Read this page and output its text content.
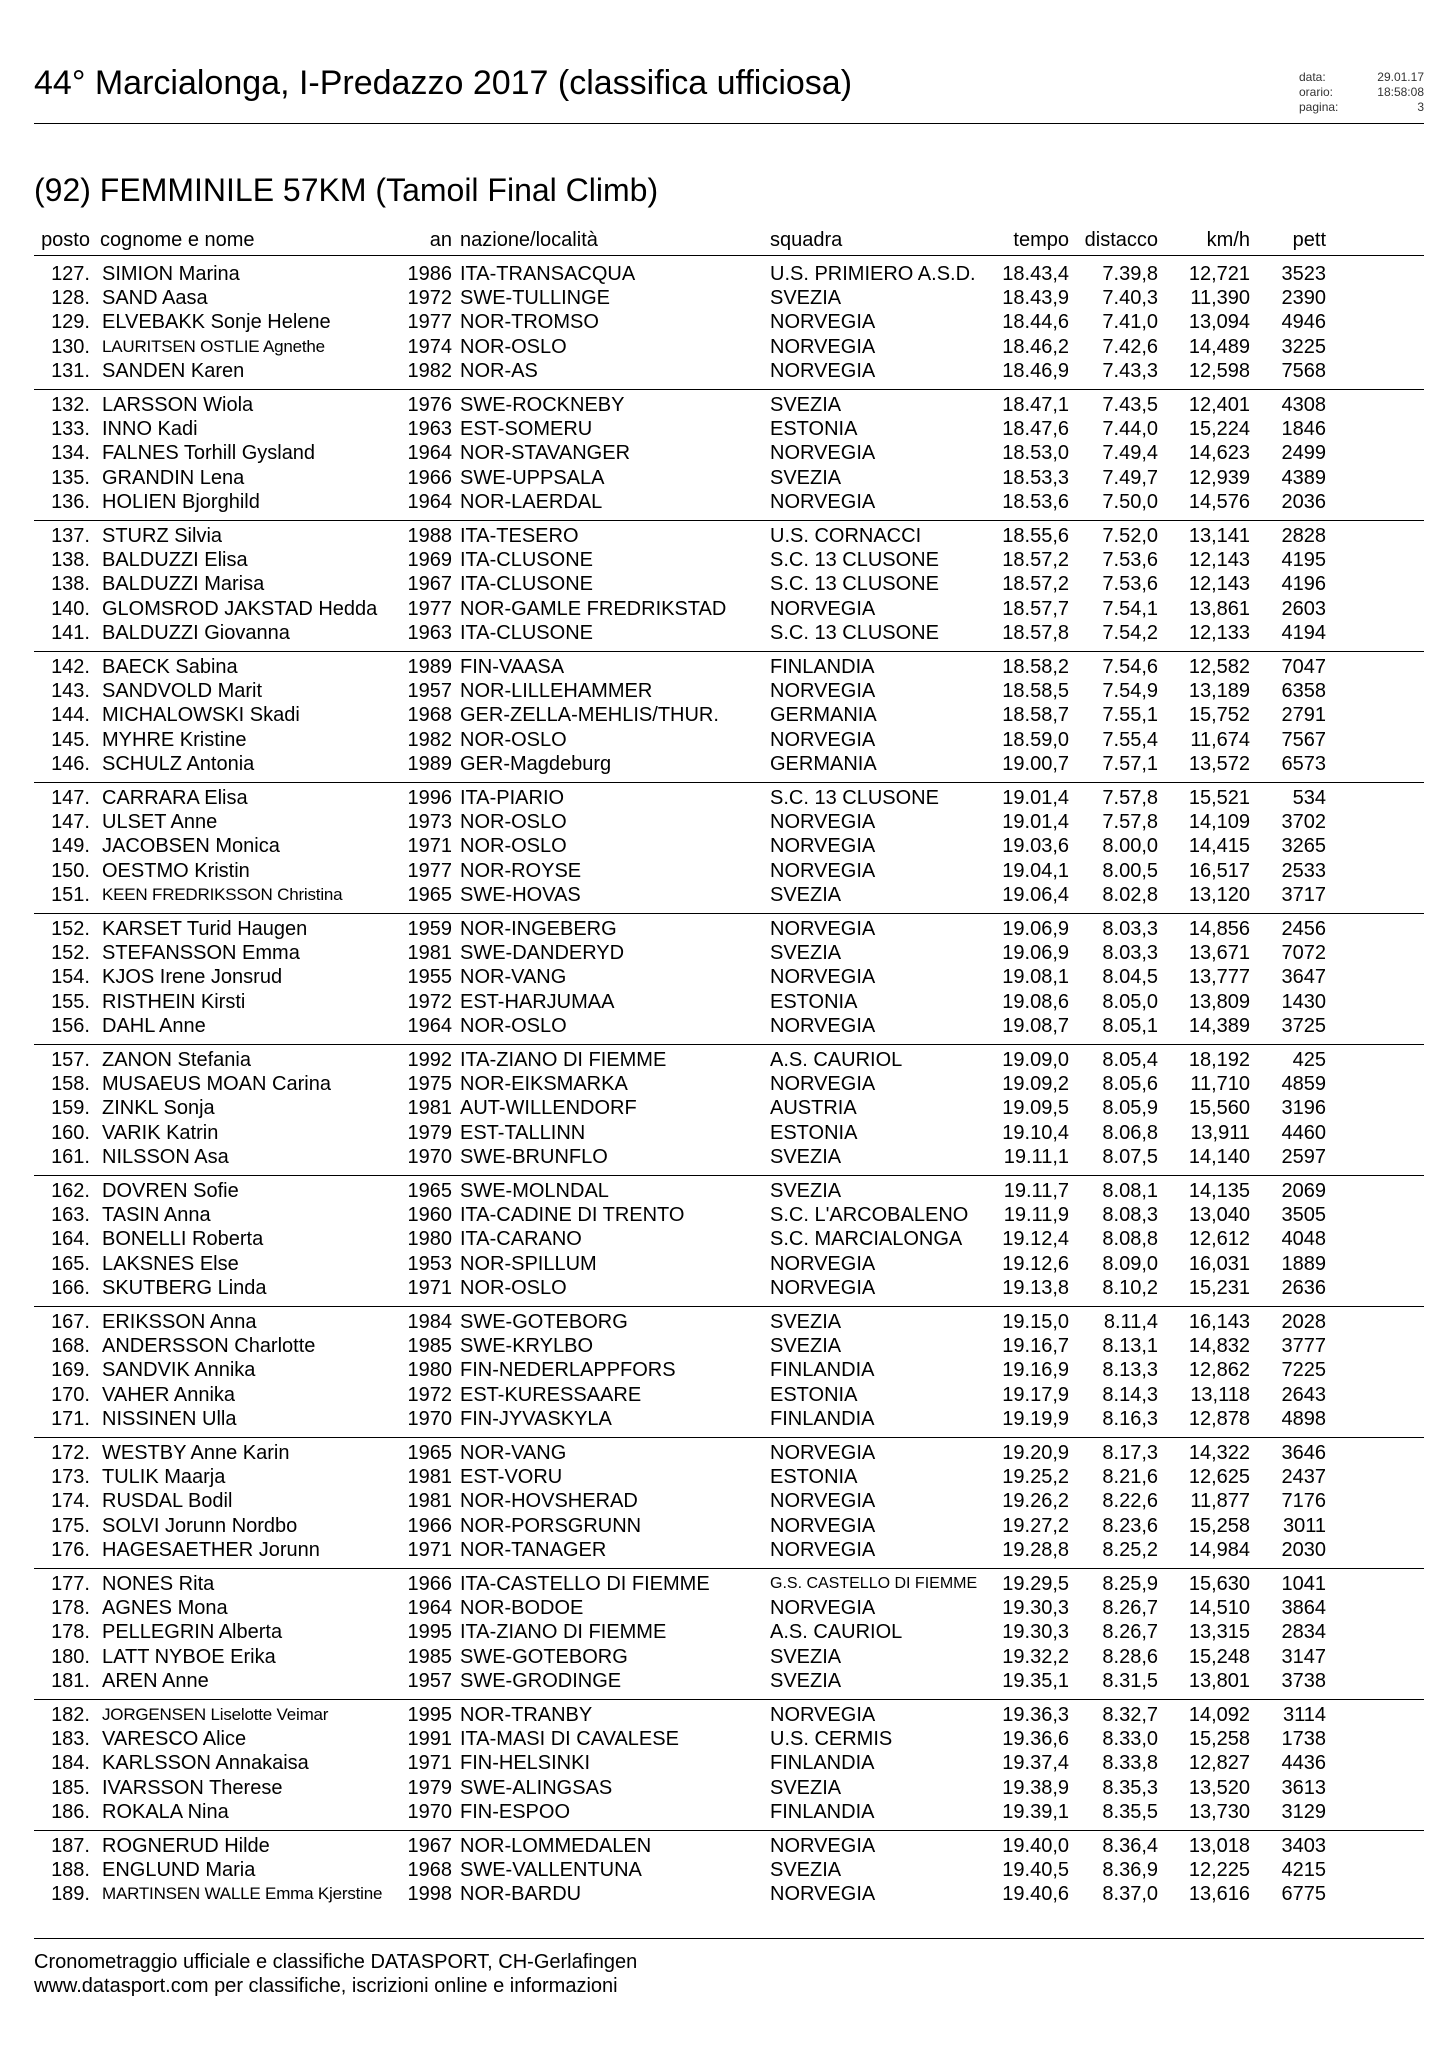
44° Marcialonga, I-Predazzo 2017 (classifica ufficiosa)	data:	29.01.17
orario:	18:58:08
pagina:	3
(92) FEMMINILE 57KM (Tamoil Final Climb)
posto cognome e nome	an nazione/località	squadra	tempo distacco	km/h	pett
127. SIMION Marina	1986 ITA-TRANSACQUA	U.S. PRIMIERO A.S.D.	18.43,4	7.39,8	12,721	3523
128. SAND Aasa	1972 SWE-TULLINGE	SVEZIA	18.43,9	7.40,3	11,390	2390
129. ELVEBAKK Sonje Helene	1977 NOR-TROMSO	NORVEGIA	18.44,6	7.41,0	13,094	4946
130. LAURITSEN OSTLIE Agnethe	1974 NOR-OSLO	NORVEGIA	18.46,2	7.42,6	14,489	3225
131. SANDEN Karen	1982 NOR-AS	NORVEGIA	18.46,9	7.43,3	12,598	7568
132. LARSSON Wiola	1976 SWE-ROCKNEBY	SVEZIA	18.47,1	7.43,5	12,401	4308
133. INNO Kadi	1963 EST-SOMERU	ESTONIA	18.47,6	7.44,0	15,224	1846
134. FALNES Torhill Gysland	1964 NOR-STAVANGER	NORVEGIA	18.53,0	7.49,4	14,623	2499
135. GRANDIN Lena	1966 SWE-UPPSALA	SVEZIA	18.53,3	7.49,7	12,939	4389
136. HOLIEN Bjorghild	1964 NOR-LAERDAL	NORVEGIA	18.53,6	7.50,0	14,576	2036
137. STURZ Silvia	1988 ITA-TESERO	U.S. CORNACCI	18.55,6	7.52,0	13,141	2828
138. BALDUZZI Elisa	1969 ITA-CLUSONE	S.C. 13 CLUSONE	18.57,2	7.53,6	12,143	4195
138. BALDUZZI Marisa	1967 ITA-CLUSONE	S.C. 13 CLUSONE	18.57,2	7.53,6	12,143	4196
140. GLOMSROD JAKSTAD Hedda	1977 NOR-GAMLE FREDRIKSTAD	NORVEGIA	18.57,7	7.54,1	13,861	2603
141. BALDUZZI Giovanna	1963 ITA-CLUSONE	S.C. 13 CLUSONE	18.57,8	7.54,2	12,133	4194
142. BAECK Sabina	1989 FIN-VAASA	FINLANDIA	18.58,2	7.54,6	12,582	7047
143. SANDVOLD Marit	1957 NOR-LILLEHAMMER	NORVEGIA	18.58,5	7.54,9	13,189	6358
144. MICHALOWSKI Skadi	1968 GER-ZELLA-MEHLIS/THUR.	GERMANIA	18.58,7	7.55,1	15,752	2791
145. MYHRE Kristine	1982 NOR-OSLO	NORVEGIA	18.59,0	7.55,4	11,674	7567
146. SCHULZ Antonia	1989 GER-Magdeburg	GERMANIA	19.00,7	7.57,1	13,572	6573
147. CARRARA Elisa	1996 ITA-PIARIO	S.C. 13 CLUSONE	19.01,4	7.57,8	15,521	534
147. ULSET Anne	1973 NOR-OSLO	NORVEGIA	19.01,4	7.57,8	14,109	3702
149. JACOBSEN Monica	1971 NOR-OSLO	NORVEGIA	19.03,6	8.00,0	14,415	3265
150. OESTMO Kristin	1977 NOR-ROYSE	NORVEGIA	19.04,1	8.00,5	16,517	2533
151. KEEN FREDRIKSSON Christina	1965 SWE-HOVAS	SVEZIA	19.06,4	8.02,8	13,120	3717
152. KARSET Turid Haugen	1959 NOR-INGEBERG	NORVEGIA	19.06,9	8.03,3	14,856	2456
152. STEFANSSON Emma	1981 SWE-DANDERYD	SVEZIA	19.06,9	8.03,3	13,671	7072
154. KJOS Irene Jonsrud	1955 NOR-VANG	NORVEGIA	19.08,1	8.04,5	13,777	3647
155. RISTHEIN Kirsti	1972 EST-HARJUMAA	ESTONIA	19.08,6	8.05,0	13,809	1430
156. DAHL Anne	1964 NOR-OSLO	NORVEGIA	19.08,7	8.05,1	14,389	3725
157. ZANON Stefania	1992 ITA-ZIANO DI FIEMME	A.S. CAURIOL	19.09,0	8.05,4	18,192	425
158. MUSAEUS MOAN Carina	1975 NOR-EIKSMARKA	NORVEGIA	19.09,2	8.05,6	11,710	4859
159. ZINKL Sonja	1981 AUT-WILLENDORF	AUSTRIA	19.09,5	8.05,9	15,560	3196
160. VARIK Katrin	1979 EST-TALLINN	ESTONIA	19.10,4	8.06,8	13,911	4460
161. NILSSON Asa	1970 SWE-BRUNFLO	SVEZIA	19.11,1	8.07,5	14,140	2597
162. DOVREN Sofie	1965 SWE-MOLNDAL	SVEZIA	19.11,7	8.08,1	14,135	2069
163. TASIN Anna	1960 ITA-CADINE DI TRENTO	S.C. L'ARCOBALENO	19.11,9	8.08,3	13,040	3505
164. BONELLI Roberta	1980 ITA-CARANO	S.C. MARCIALONGA	19.12,4	8.08,8	12,612	4048
165. LAKSNES Else	1953 NOR-SPILLUM	NORVEGIA	19.12,6	8.09,0	16,031	1889
166. SKUTBERG Linda	1971 NOR-OSLO	NORVEGIA	19.13,8	8.10,2	15,231	2636
167. ERIKSSON Anna	1984 SWE-GOTEBORG	SVEZIA	19.15,0	8.11,4	16,143	2028
168. ANDERSSON Charlotte	1985 SWE-KRYLBO	SVEZIA	19.16,7	8.13,1	14,832	3777
169. SANDVIK Annika	1980 FIN-NEDERLAPPFORS	FINLANDIA	19.16,9	8.13,3	12,862	7225
170. VAHER Annika	1972 EST-KURESSAARE	ESTONIA	19.17,9	8.14,3	13,118	2643
171. NISSINEN Ulla	1970 FIN-JYVASKYLA	FINLANDIA	19.19,9	8.16,3	12,878	4898
172. WESTBY Anne Karin	1965 NOR-VANG	NORVEGIA	19.20,9	8.17,3	14,322	3646
173. TULIK Maarja	1981 EST-VORU	ESTONIA	19.25,2	8.21,6	12,625	2437
174. RUSDAL Bodil	1981 NOR-HOVSHERAD	NORVEGIA	19.26,2	8.22,6	11,877	7176
175. SOLVI Jorunn Nordbo	1966 NOR-PORSGRUNN	NORVEGIA	19.27,2	8.23,6	15,258	3011
176. HAGESAETHER Jorunn	1971 NOR-TANAGER	NORVEGIA	19.28,8	8.25,2	14,984	2030
177. NONES Rita	1966 ITA-CASTELLO DI FIEMME	G.S. CASTELLO DI FIEMME	19.29,5	8.25,9	15,630	1041
178. AGNES Mona	1964 NOR-BODOE	NORVEGIA	19.30,3	8.26,7	14,510	3864
178. PELLEGRIN Alberta	1995 ITA-ZIANO DI FIEMME	A.S. CAURIOL	19.30,3	8.26,7	13,315	2834
180. LATT NYBOE Erika	1985 SWE-GOTEBORG	SVEZIA	19.32,2	8.28,6	15,248	3147
181. AREN Anne	1957 SWE-GRODINGE	SVEZIA	19.35,1	8.31,5	13,801	3738
182. JORGENSEN Liselotte Veimar	1995 NOR-TRANBY	NORVEGIA	19.36,3	8.32,7	14,092	3114
183. VARESCO Alice	1991 ITA-MASI DI CAVALESE	U.S. CERMIS	19.36,6	8.33,0	15,258	1738
184. KARLSSON Annakaisa	1971 FIN-HELSINKI	FINLANDIA	19.37,4	8.33,8	12,827	4436
185. IVARSSON Therese	1979 SWE-ALINGSAS	SVEZIA	19.38,9	8.35,3	13,520	3613
186. ROKALA Nina	1970 FIN-ESPOO	FINLANDIA	19.39,1	8.35,5	13,730	3129
187. ROGNERUD Hilde	1967 NOR-LOMMEDALEN	NORVEGIA	19.40,0	8.36,4	13,018	3403
188. ENGLUND Maria	1968 SWE-VALLENTUNA	SVEZIA	19.40,5	8.36,9	12,225	4215
189. MARTINSEN WALLE Emma Kjerstine	1998 NOR-BARDU	NORVEGIA	19.40,6	8.37,0	13,616	6775
Cronometraggio ufficiale e classifiche DATASPORT, CH-Gerlafingen
www.datasport.com per classifiche, iscrizioni online e informazioni
